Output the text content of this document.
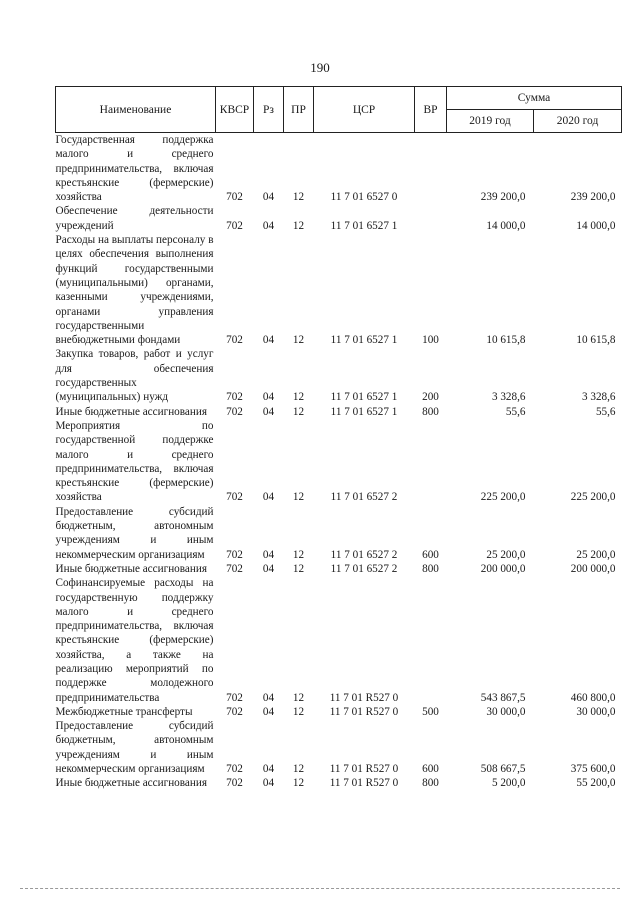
190
Наименование	КВСР	Рз	ПР	ЦСР	ВР	Сумма	
						2019 год	2020 год
Государственная поддержка малого и среднего предпринимательства, включая крестьянские (фермерские) хозяйства	702	04	12	11 7 01 6527 0		239 200,0	239 200,0
Обеспечение деятельности учреждений	702	04	12	11 7 01 6527 1		14 000,0	14 000,0
Расходы на выплаты персоналу в целях обеспечения выполнения функций государственными (муниципальными) органами, казенными учреждениями, органами управления государственными внебюджетными фондами	702	04	12	11 7 01 6527 1	100	10 615,8	10 615,8
Закупка товаров, работ и услуг для обеспечения государственных (муниципальных) нужд	702	04	12	11 7 01 6527 1	200	3 328,6	3 328,6
Иные бюджетные ассигнования	702	04	12	11 7 01 6527 1	800	55,6	55,6
Мероприятия по государственной поддержке малого и среднего предпринимательства, включая крестьянские (фермерские) хозяйства	702	04	12	11 7 01 6527 2		225 200,0	225 200,0
Предоставление субсидий бюджетным, автономным учреждениям и иным некоммерческим организациям	702	04	12	11 7 01 6527 2	600	25 200,0	25 200,0
Иные бюджетные ассигнования	702	04	12	11 7 01 6527 2	800	200 000,0	200 000,0
Софинансируемые расходы на государственную поддержку малого и среднего предпринимательства, включая крестьянские (фермерские) хозяйства, а также на реализацию мероприятий по поддержке молодежного предпринимательства	702	04	12	11 7 01 R527 0		543 867,5	460 800,0
Межбюджетные трансферты	702	04	12	11 7 01 R527 0	500	30 000,0	30 000,0
Предоставление субсидий бюджетным, автономным учреждениям и иным некоммерческим организациям	702	04	12	11 7 01 R527 0	600	508 667,5	375 600,0
Иные бюджетные ассигнования	702	04	12	11 7 01 R527 0	800	5 200,0	55 200,0
